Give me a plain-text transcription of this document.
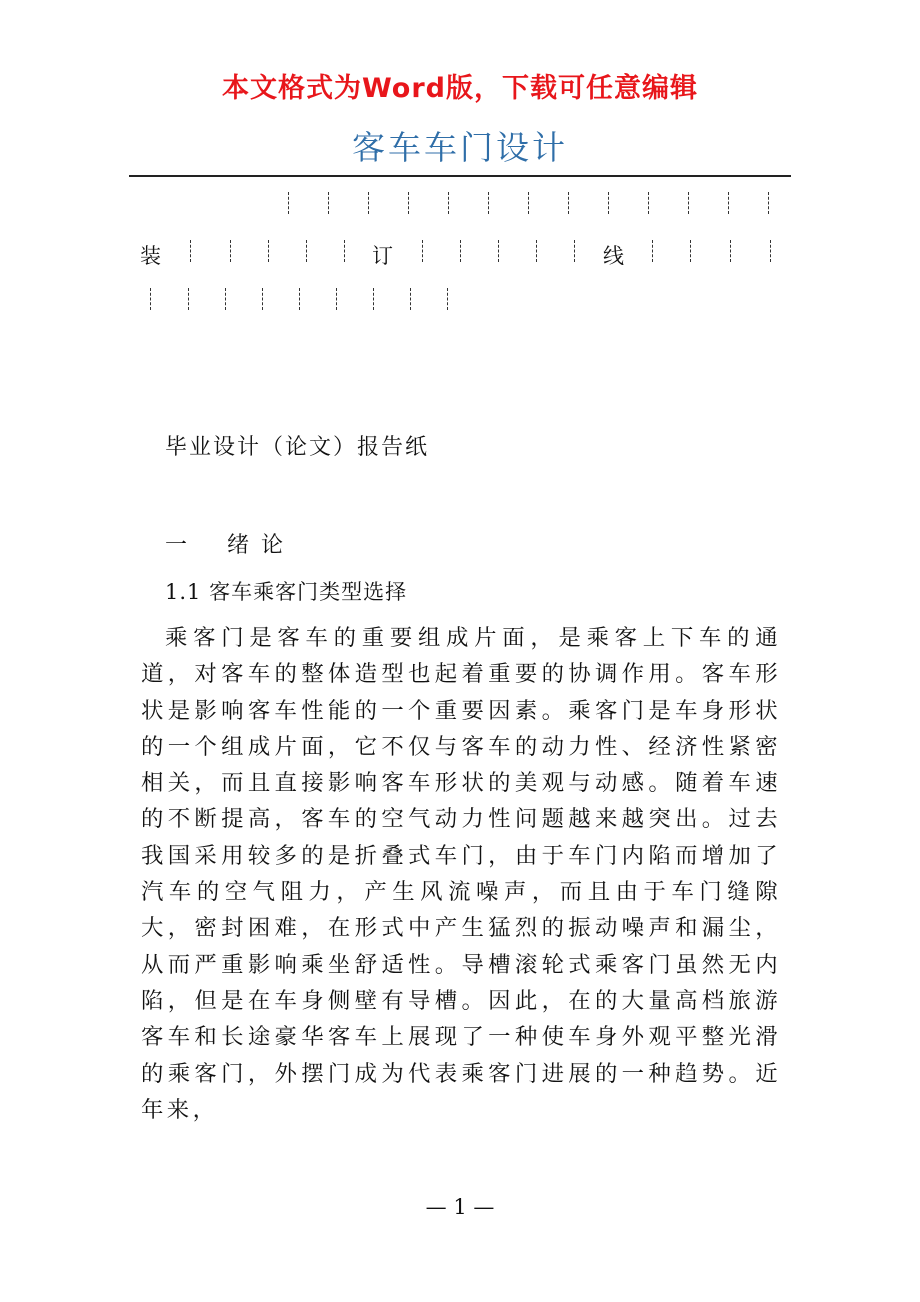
本文格式为Word版，下载可任意编辑
客车车门设计
装	订	线
毕业设计（论文）报告纸
一 绪论
1.1 客车乘客门类型选择

乘客门是客车的重要组成片面，是乘客上下车的通道，对客车的整体造型也起着重要的协调作用。客车形状是影响客车性能的一个重要因素。乘客门是车身形状的一个组成片面，它不仅与客车的动力性、经济性紧密相关，而且直接影响客车形状的美观与动感。随着车速的不断提高，客车的空气动力性问题越来越突出。过去我国采用较多的是折叠式车门，由于车门内陷而增加了汽车的空气阻力，产生风流噪声，而且由于车门缝隙大，密封困难，在形式中产生猛烈的振动噪声和漏尘，从而严重影响乘坐舒适性。导槽滚轮式乘客门虽然无内陷，但是在车身侧壁有导槽。因此，在的大量高档旅游客车和长途豪华客车上展现了一种使车身外观平整光滑的乘客门，外摆门成为代表乘客门进展的一种趋势。近年来，

— 1 —
